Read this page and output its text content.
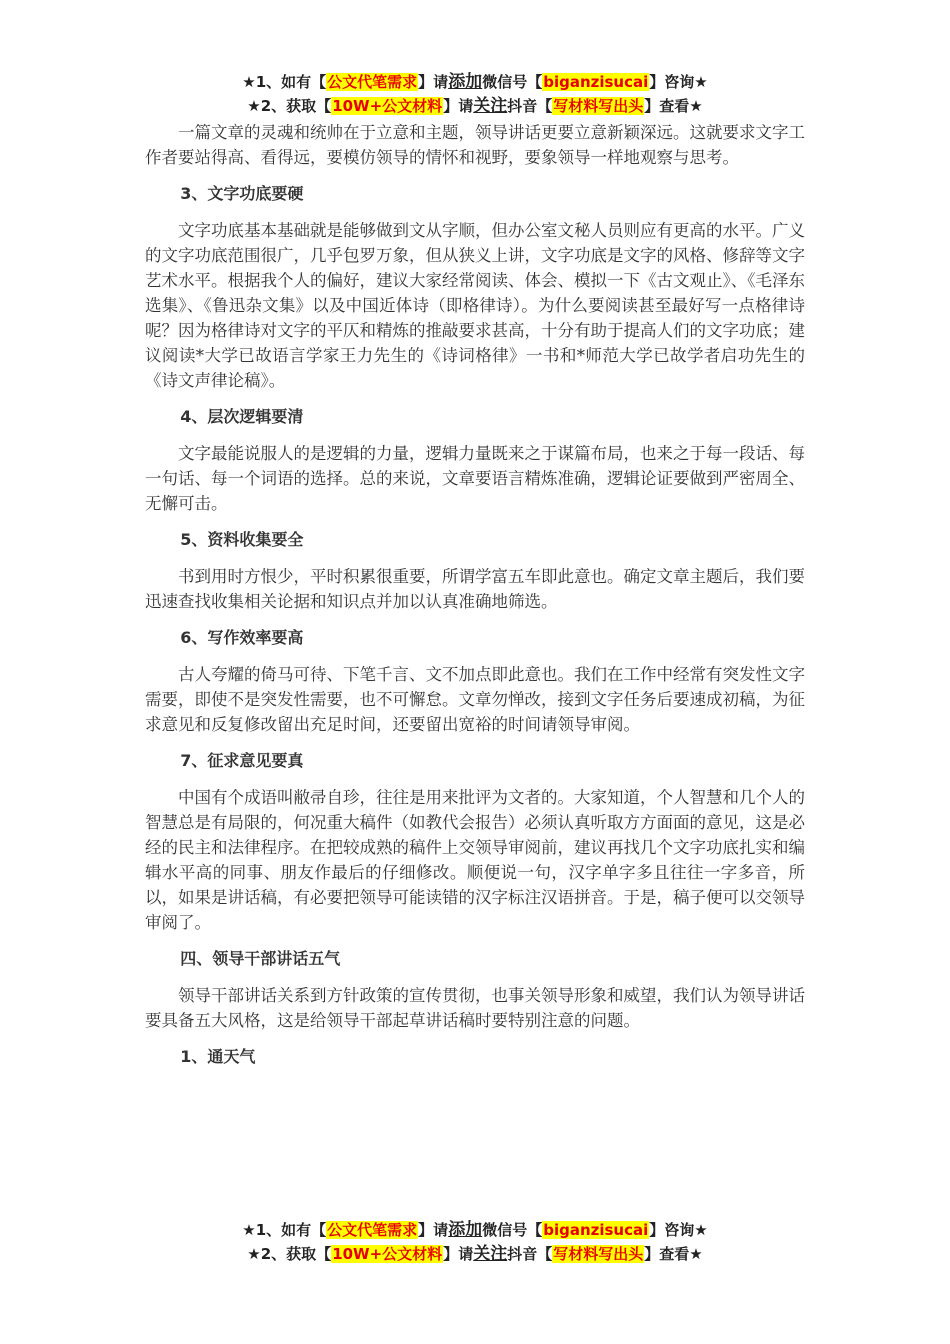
★1、如有【公文代笔需求】请添加微信号【biganzisucai】咨询★
★2、获取【10W+公文材料】请关注抖音【写材料写出头】查看★

一篇文章的灵魂和统帅在于立意和主题，领导讲话更要立意新颖深远。这就要求文字工作者要站得高、看得远，要模仿领导的情怀和视野，要象领导一样地观察与思考。

3、文字功底要硬

文字功底基本基础就是能够做到文从字顺，但办公室文秘人员则应有更高的水平。广义的文字功底范围很广，几乎包罗万象，但从狭义上讲，文字功底是文字的风格、修辞等文字艺术水平。根据我个人的偏好，建议大家经常阅读、体会、模拟一下《古文观止》、《毛泽东选集》、《鲁迅杂文集》以及中国近体诗（即格律诗）。为什么要阅读甚至最好写一点格律诗呢？因为格律诗对文字的平仄和精炼的推敲要求甚高，十分有助于提高人们的文字功底；建议阅读*大学已故语言学家王力先生的《诗词格律》一书和*师范大学已故学者启功先生的《诗文声律论稿》。

4、层次逻辑要清

文字最能说服人的是逻辑的力量，逻辑力量既来之于谋篇布局，也来之于每一段话、每一句话、每一个词语的选择。总的来说，文章要语言精炼准确，逻辑论证要做到严密周全、无懈可击。

5、资料收集要全

书到用时方恨少，平时积累很重要，所谓学富五车即此意也。确定文章主题后，我们要迅速查找收集相关论据和知识点并加以认真准确地筛选。

6、写作效率要高

古人夸耀的倚马可待、下笔千言、文不加点即此意也。我们在工作中经常有突发性文字需要，即使不是突发性需要，也不可懈怠。文章勿惮改，接到文字任务后要速成初稿，为征求意见和反复修改留出充足时间，还要留出宽裕的时间请领导审阅。

7、征求意见要真

中国有个成语叫敝帚自珍，往往是用来批评为文者的。大家知道，个人智慧和几个人的智慧总是有局限的，何况重大稿件（如教代会报告）必须认真听取方方面面的意见，这是必经的民主和法律程序。在把较成熟的稿件上交领导审阅前，建议再找几个文字功底扎实和编辑水平高的同事、朋友作最后的仔细修改。顺便说一句，汉字单字多且往往一字多音，所以，如果是讲话稿，有必要把领导可能读错的汉字标注汉语拼音。于是，稿子便可以交领导审阅了。

四、领导干部讲话五气

领导干部讲话关系到方针政策的宣传贯彻，也事关领导形象和威望，我们认为领导讲话要具备五大风格，这是给领导干部起草讲话稿时要特别注意的问题。

1、通天气
★1、如有【公文代笔需求】请添加微信号【biganzisucai】咨询★
★2、获取【10W+公文材料】请关注抖音【写材料写出头】查看★
